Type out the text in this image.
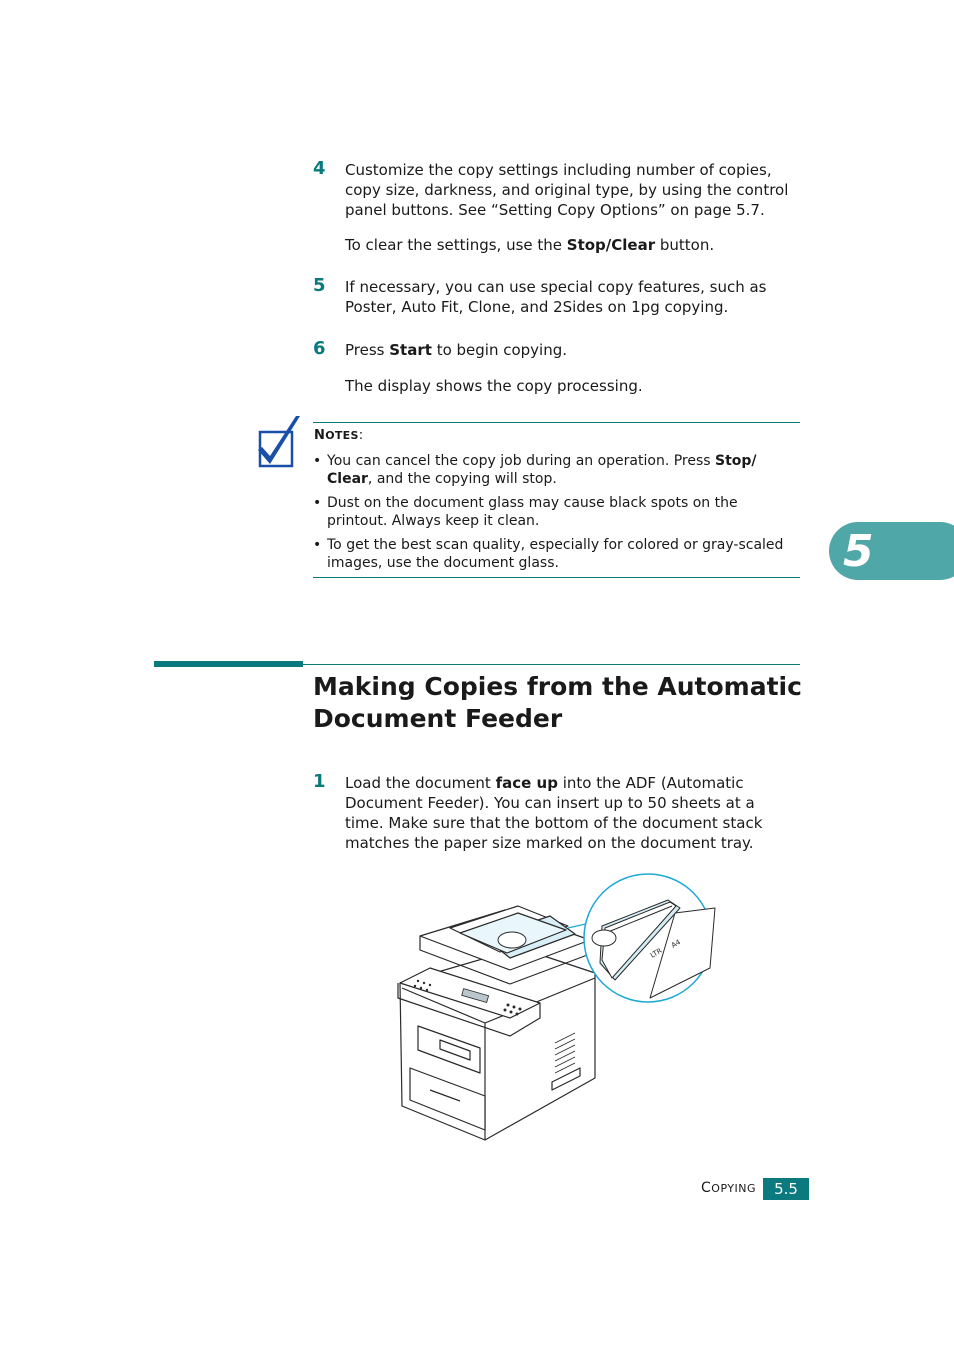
4 Customize the copy settings including number of copies,
copy size, darkness, and original type, by using the control
panel buttons. See “Setting Copy Options” on page 5.7.
To clear the settings, use the Stop/Clear button.
5 If necessary, you can use special copy features, such as
Poster, Auto Fit, Clone, and 2Sides on 1pg copying.
6 Press Start to begin copying.
The display shows the copy processing.
NOTES:
• You can cancel the copy job during an operation. Press Stop/
Clear, and the copying will stop.
• Dust on the document glass may cause black spots on the
printout. Always keep it clean.
• To get the best scan quality, especially for colored or gray-scaled
images, use the document glass.	5
Making Copies from the Automatic
Document Feeder
1 Load the document face up into the ADF (Automatic
Document Feeder). You can insert up to 50 sheets at a
time. Make sure that the bottom of the document stack
matches the paper size marked on the document tray.
LTR
A4
COPYING	5.5
